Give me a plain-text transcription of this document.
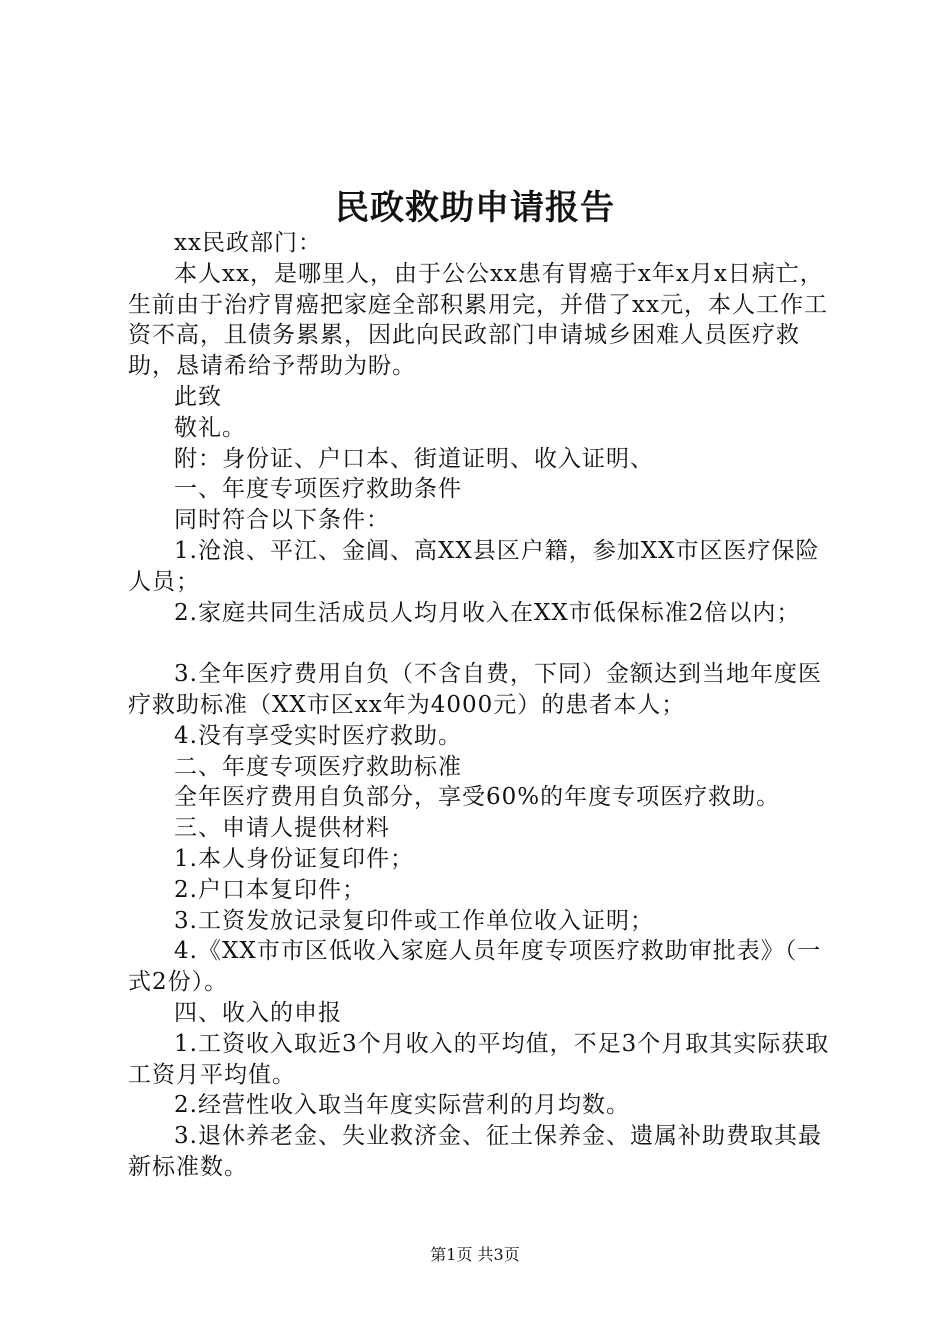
民政救助申请报告

xx民政部门：

本人xx，是哪里人，由于公公xx患有胃癌于x年x月x日病亡，生前由于治疗胃癌把家庭全部积累用完，并借了xx元，本人工作工资不高，且债务累累，因此向民政部门申请城乡困难人员医疗救助，恳请希给予帮助为盼。

此致

敬礼。

附：身份证、户口本、街道证明、收入证明、

一、年度专项医疗救助条件

同时符合以下条件：

1.沧浪、平江、金阊、高XX县区户籍，参加XX市区医疗保险人员；

2.家庭共同生活成员人均月收入在XX市低保标准2倍以内；

3.全年医疗费用自负（不含自费，下同）金额达到当地年度医疗救助标准（XX市区xx年为4000元）的患者本人；

4.没有享受实时医疗救助。

二、年度专项医疗救助标准

全年医疗费用自负部分，享受60%的年度专项医疗救助。

三、申请人提供材料

1.本人身份证复印件；

2.户口本复印件；

3.工资发放记录复印件或工作单位收入证明；

4.《XX市市区低收入家庭人员年度专项医疗救助审批表》（一式2份）。

四、收入的申报

1.工资收入取近3个月收入的平均值，不足3个月取其实际获取工资月平均值。

2.经营性收入取当年度实际营利的月均数。

3.退休养老金、失业救济金、征土保养金、遗属补助费取其最新标准数。

第1页 共3页
